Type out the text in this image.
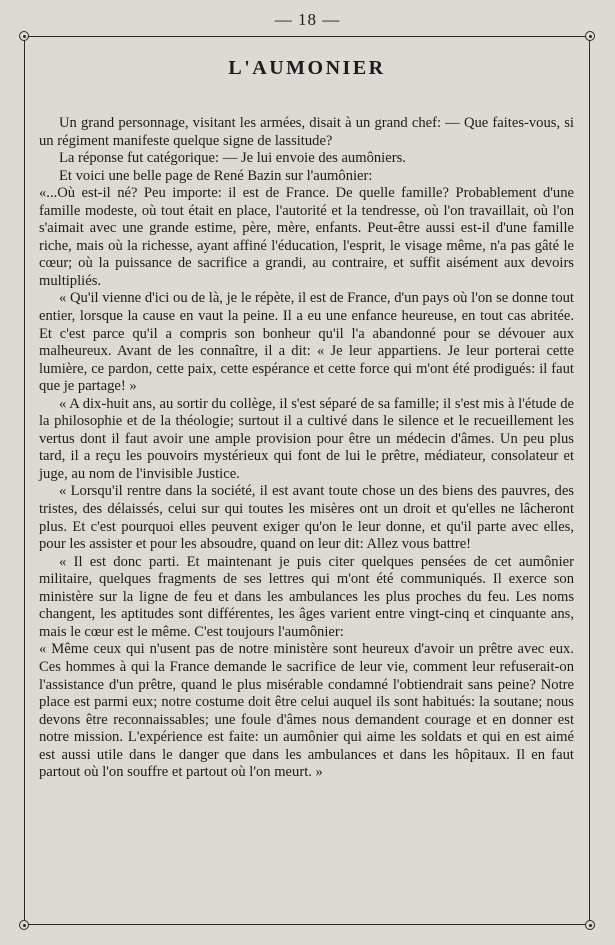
— 18 —
L'AUMONIER

Un grand personnage, visitant les armées, disait à un grand chef: — Que faites-vous, si un régiment manifeste quelque signe de lassitude?

La réponse fut catégorique: — Je lui envoie des aumôniers.

Et voici une belle page de René Bazin sur l'aumônier:

«...Où est-il né? Peu importe: il est de France. De quelle famille? Probablement d'une famille modeste, où tout était en place, l'autorité et la tendresse, où l'on travaillait, où l'on s'aimait avec une grande estime, père, mère, enfants. Peut-être aussi est-il d'une famille riche, mais où la richesse, ayant affiné l'éducation, l'esprit, le visage même, n'a pas gâté le cœur; où la puissance de sacrifice a grandi, au contraire, et suffit aisément aux devoirs multipliés.

« Qu'il vienne d'ici ou de là, je le répète, il est de France, d'un pays où l'on se donne tout entier, lorsque la cause en vaut la peine. Il a eu une enfance heureuse, en tout cas abritée. Et c'est parce qu'il a compris son bonheur qu'il l'a abandonné pour se dévouer aux malheureux. Avant de les connaître, il a dit: « Je leur appartiens. Je leur porterai cette lumière, ce pardon, cette paix, cette espérance et cette force qui m'ont été prodigués: il faut que je partage! »

« A dix-huit ans, au sortir du collège, il s'est séparé de sa famille; il s'est mis à l'étude de la philosophie et de la théologie; surtout il a cultivé dans le silence et le recueillement les vertus dont il faut avoir une ample provision pour être un médecin d'âmes. Un peu plus tard, il a reçu les pouvoirs mystérieux qui font de lui le prêtre, médiateur, consolateur et juge, au nom de l'invisible Justice.

« Lorsqu'il rentre dans la société, il est avant toute chose un des biens des pauvres, des tristes, des délaissés, celui sur qui toutes les misères ont un droit et qu'elles ne lâcheront plus. Et c'est pourquoi elles peuvent exiger qu'on le leur donne, et qu'il parte avec elles, pour les assister et pour les absoudre, quand on leur dit: Allez vous battre!

« Il est donc parti. Et maintenant je puis citer quelques pensées de cet aumônier militaire, quelques fragments de ses lettres qui m'ont été communiqués. Il exerce son ministère sur la ligne de feu et dans les ambulances les plus proches du feu. Les noms changent, les aptitudes sont différentes, les âges varient entre vingt-cinq et cinquante ans, mais le cœur est le même. C'est toujours l'aumônier:

« Même ceux qui n'usent pas de notre ministère sont heureux d'avoir un prêtre avec eux. Ces hommes à qui la France demande le sacrifice de leur vie, comment leur refuserait-on l'assistance d'un prêtre, quand le plus misérable condamné l'obtiendrait sans peine? Notre place est parmi eux; notre costume doit être celui auquel ils sont habitués: la soutane; nous devons être reconnaissables; une foule d'âmes nous demandent courage et en donner est notre mission. L'expérience est faite: un aumônier qui aime les soldats et qui en est aimé est aussi utile dans le danger que dans les ambulances et dans les hôpitaux. Il en faut partout où l'on souffre et partout où l'on meurt. »
